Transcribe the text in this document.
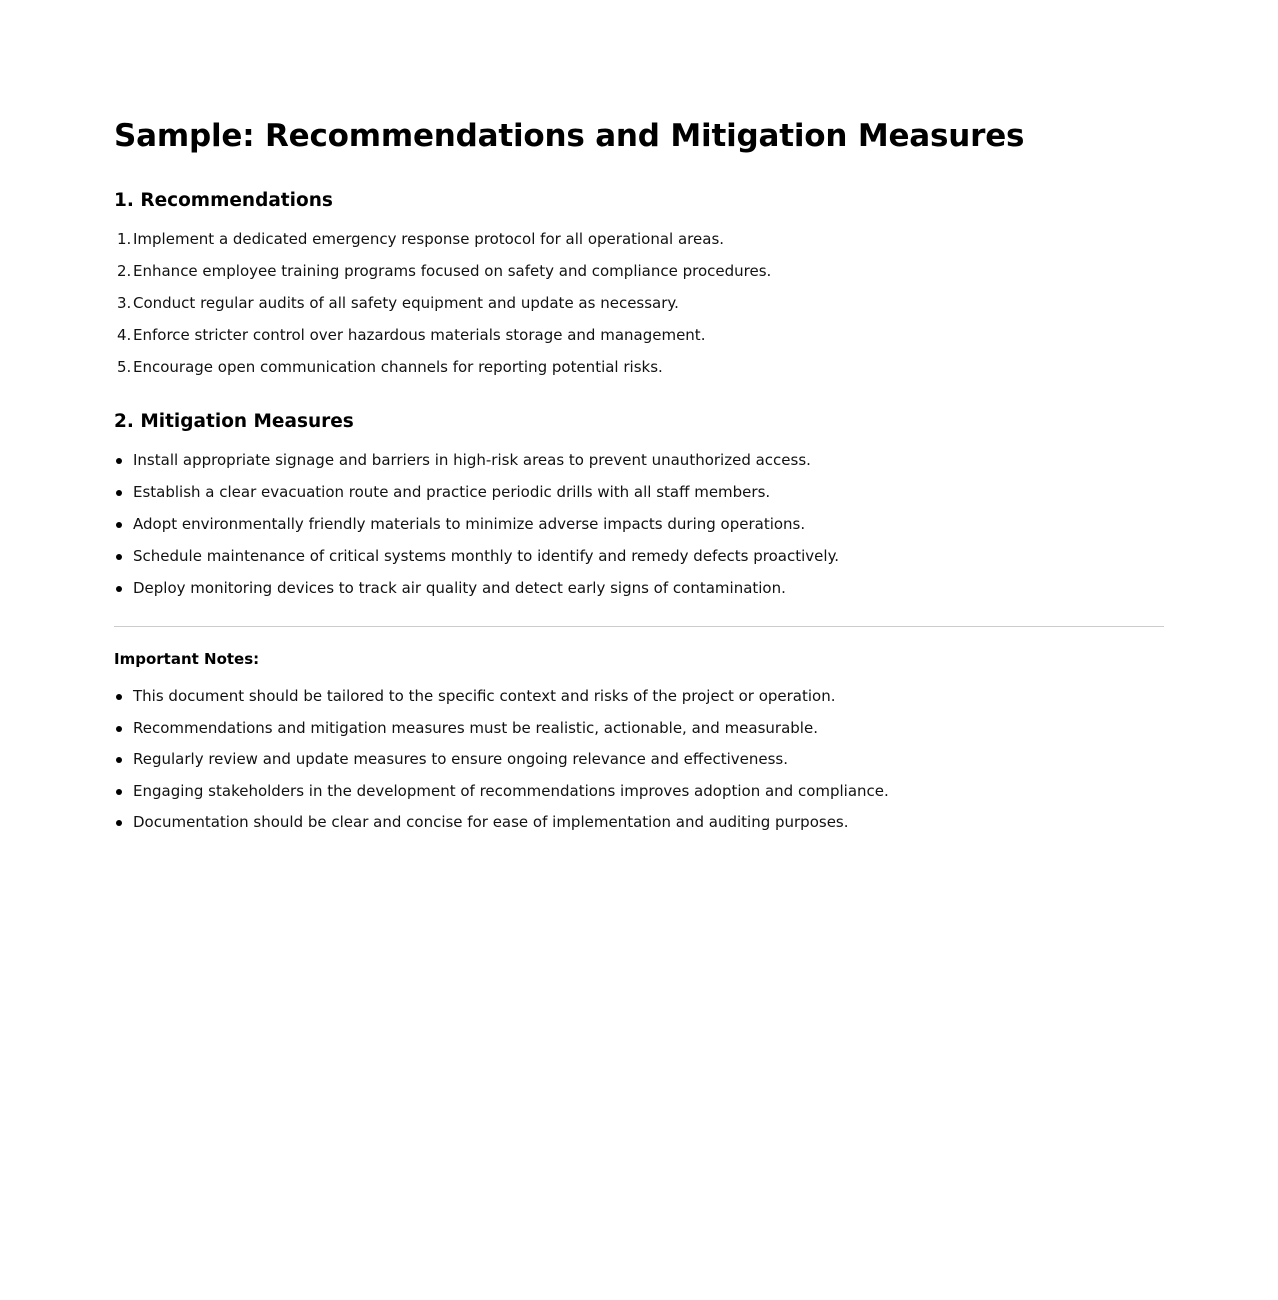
Sample: Recommendations and Mitigation Measures
1. Recommendations
1. Implement a dedicated emergency response protocol for all operational areas.
2. Enhance employee training programs focused on safety and compliance procedures.
3. Conduct regular audits of all safety equipment and update as necessary.
4. Enforce stricter control over hazardous materials storage and management.
5. Encourage open communication channels for reporting potential risks.
2. Mitigation Measures
Install appropriate signage and barriers in high-risk areas to prevent unauthorized access.
Establish a clear evacuation route and practice periodic drills with all staff members.
Adopt environmentally friendly materials to minimize adverse impacts during operations.
Schedule maintenance of critical systems monthly to identify and remedy defects proactively.
Deploy monitoring devices to track air quality and detect early signs of contamination.
Important Notes:
This document should be tailored to the specific context and risks of the project or operation.
Recommendations and mitigation measures must be realistic, actionable, and measurable.
Regularly review and update measures to ensure ongoing relevance and effectiveness.
Engaging stakeholders in the development of recommendations improves adoption and compliance.
Documentation should be clear and concise for ease of implementation and auditing purposes.
